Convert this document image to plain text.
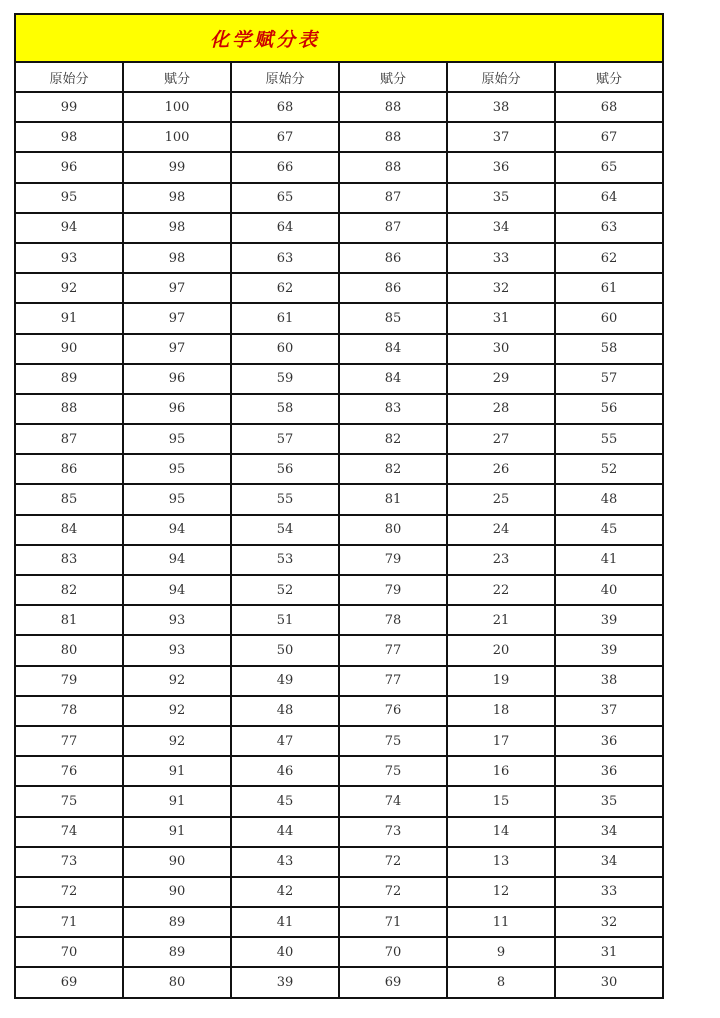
化学赋分表					
原始分	赋分	原始分	赋分	原始分	赋分
99	100	68	88	38	68
98	100	67	88	37	67
96	99	66	88	36	65
95	98	65	87	35	64
94	98	64	87	34	63
93	98	63	86	33	62
92	97	62	86	32	61
91	97	61	85	31	60
90	97	60	84	30	58
89	96	59	84	29	57
88	96	58	83	28	56
87	95	57	82	27	55
86	95	56	82	26	52
85	95	55	81	25	48
84	94	54	80	24	45
83	94	53	79	23	41
82	94	52	79	22	40
81	93	51	78	21	39
80	93	50	77	20	39
79	92	49	77	19	38
78	92	48	76	18	37
77	92	47	75	17	36
76	91	46	75	16	36
75	91	45	74	15	35
74	91	44	73	14	34
73	90	43	72	13	34
72	90	42	72	12	33
71	89	41	71	11	32
70	89	40	70	9	31
69	80	39	69	8	30
